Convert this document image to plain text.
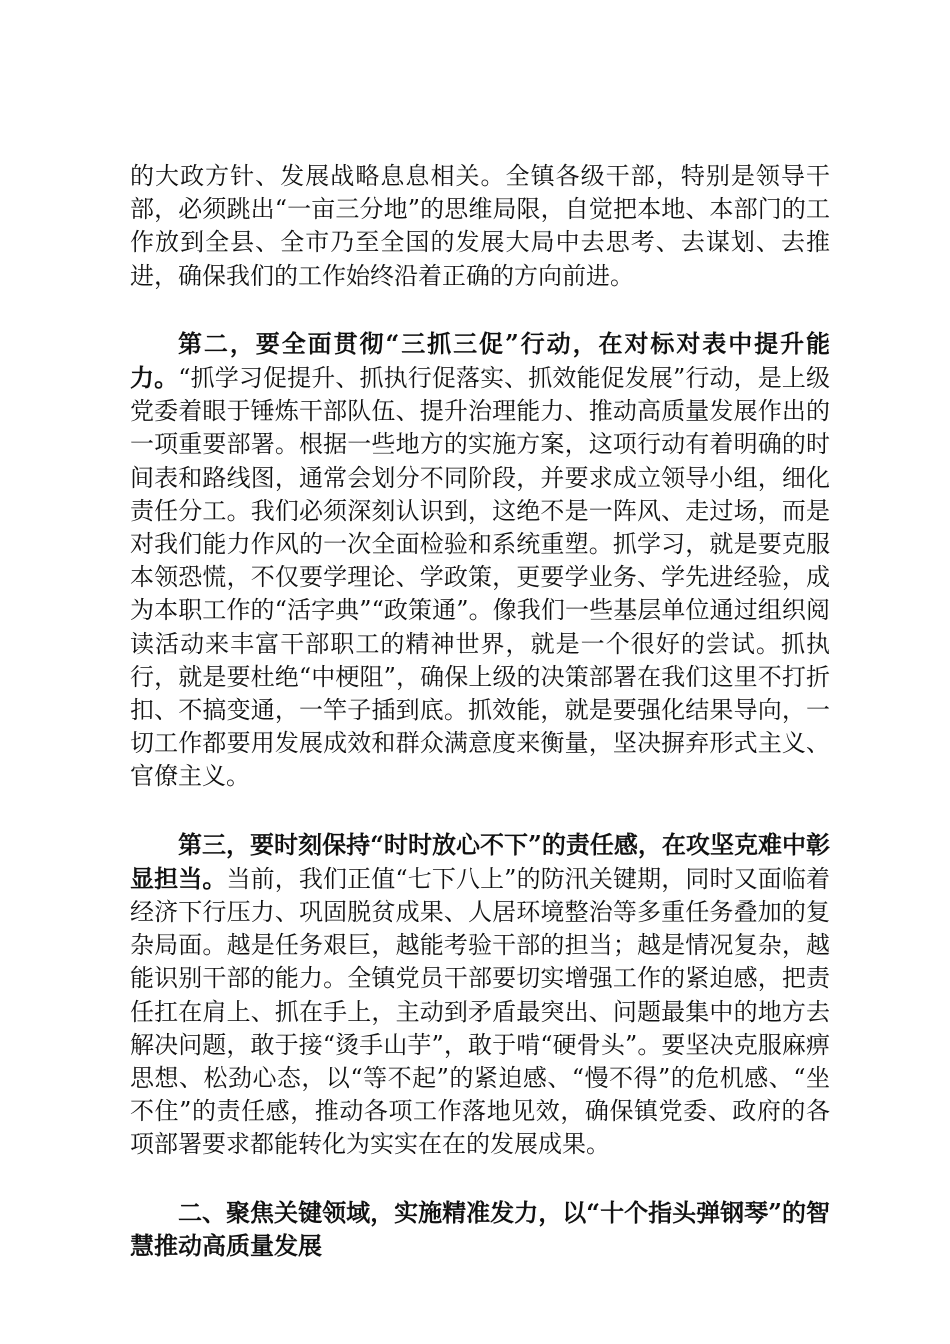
的大政方针、发展战略息息相关。全镇各级干部，特别是领导干部，必须跳出“一亩三分地”的思维局限，自觉把本地、本部门的工作放到全县、全市乃至全国的发展大局中去思考、去谋划、去推进，确保我们的工作始终沿着正确的方向前进。

第二，要全面贯彻“三抓三促”行动，在对标对表中提升能力。“抓学习促提升、抓执行促落实、抓效能促发展”行动，是上级党委着眼于锤炼干部队伍、提升治理能力、推动高质量发展作出的一项重要部署。根据一些地方的实施方案，这项行动有着明确的时间表和路线图，通常会划分不同阶段，并要求成立领导小组，细化责任分工。我们必须深刻认识到，这绝不是一阵风、走过场，而是对我们能力作风的一次全面检验和系统重塑。抓学习，就是要克服本领恐慌，不仅要学理论、学政策，更要学业务、学先进经验，成为本职工作的“活字典”“政策通”。像我们一些基层单位通过组织阅读活动来丰富干部职工的精神世界，就是一个很好的尝试。抓执行，就是要杜绝“中梗阻”，确保上级的决策部署在我们这里不打折扣、不搞变通，一竿子插到底。抓效能，就是要强化结果导向，一切工作都要用发展成效和群众满意度来衡量，坚决摒弃形式主义、官僚主义。

第三，要时刻保持“时时放心不下”的责任感，在攻坚克难中彰显担当。当前，我们正值“七下八上”的防汛关键期，同时又面临着经济下行压力、巩固脱贫成果、人居环境整治等多重任务叠加的复杂局面。越是任务艰巨，越能考验干部的担当；越是情况复杂，越能识别干部的能力。全镇党员干部要切实增强工作的紧迫感，把责任扛在肩上、抓在手上，主动到矛盾最突出、问题最集中的地方去解决问题，敢于接“烫手山芋”，敢于啃“硬骨头”。要坚决克服麻痹思想、松劲心态，以“等不起”的紧迫感、“慢不得”的危机感、“坐不住”的责任感，推动各项工作落地见效，确保镇党委、政府的各项部署要求都能转化为实实在在的发展成果。

二、聚焦关键领域，实施精准发力，以“十个指头弹钢琴”的智慧推动高质量发展
